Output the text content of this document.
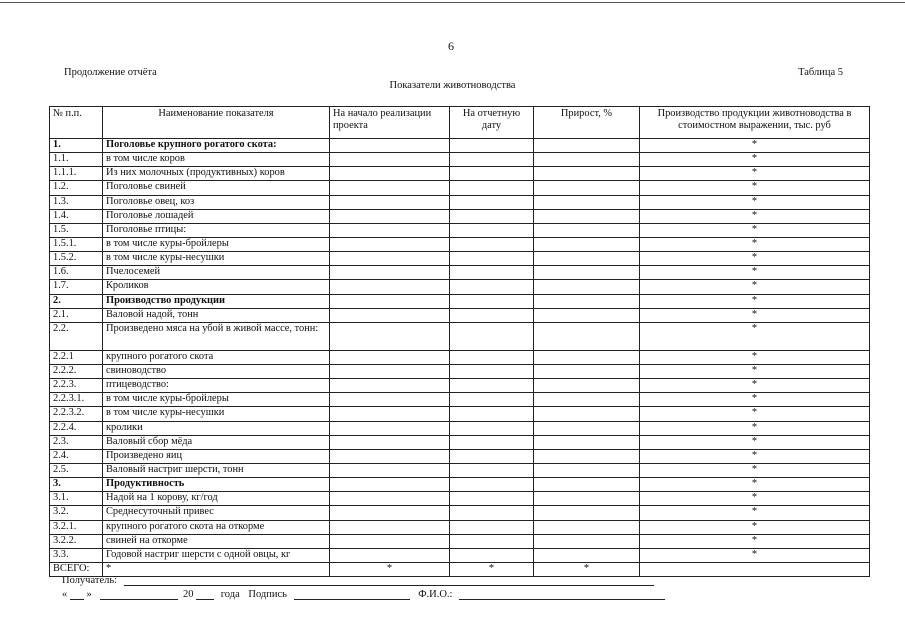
6
Продолжение отчёта	Таблица 5
Показатели животноводства
№ п.п.	Наименование показателя	На начало реализации проекта	На отчетную дату	Прирост, %	Производство продукции животноводства в стоимостном выражении, тыс. руб
1.	Поголовье крупного рогатого скота:				*
1.1.	в том числе коров				*
1.1.1.	Из них молочных (продуктивных) коров				*
1.2.	Поголовье свиней				*
1.3.	Поголовье овец, коз				*
1.4.	Поголовье лошадей				*
1.5.	Поголовье птицы:				*
1.5.1.	в том числе куры-бройлеры				*
1.5.2.	в том числе куры-несушки				*
1.6.	Пчелосемей				*
1.7.	Кроликов				*
2.	Производство продукции				*
2.1.	Валовой надой, тонн				*
2.2.	Произведено мяса на убой в живой массе, тонн:				*
2.2.1	крупного рогатого скота				*
2.2.2.	свиноводство				*
2.2.3.	птицеводство:				*
2.2.3.1.	в том числе куры-бройлеры				*
2.2.3.2.	в том числе куры-несушки				*
2.2.4.	кролики				*
2.3.	Валовый сбор мёда				*
2.4.	Произведено яиц				*
2.5.	Валовый настриг шерсти, тонн				*
3.	Продуктивность				*
3.1.	Надой на 1 корову, кг/год				*
3.2.	Среднесуточный привес				*
3.2.1.	крупного рогатого скота на откорме				*
3.2.2.	свиней на откорме				*
3.3.	Годовой настриг шерсти с одной овцы, кг				*
ВСЕГО:	*	*	*	*	
Получатель:
« »	20	года Подпись	Ф.И.О.:
